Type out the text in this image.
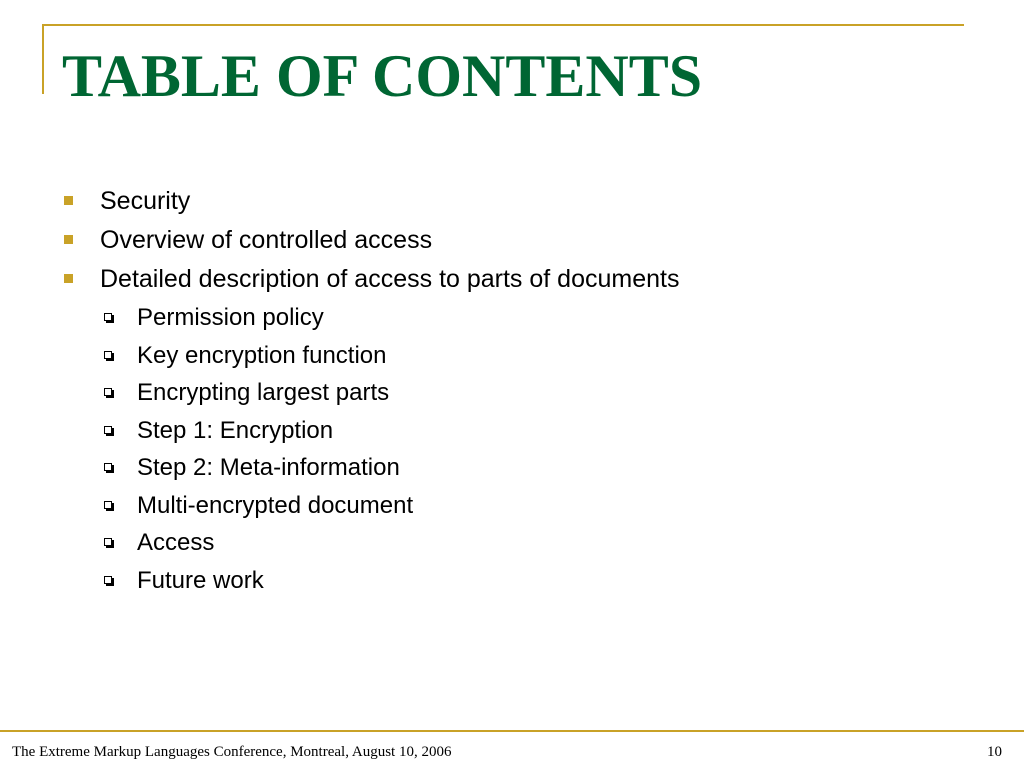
TABLE OF CONTENTS
Security
Overview of controlled access
Detailed description of access to parts of documents
Permission policy
Key encryption function
Encrypting largest parts
Step 1: Encryption
Step 2: Meta-information
Multi-encrypted document
Access
Future work
The Extreme Markup Languages Conference, Montreal, August 10, 2006	10
